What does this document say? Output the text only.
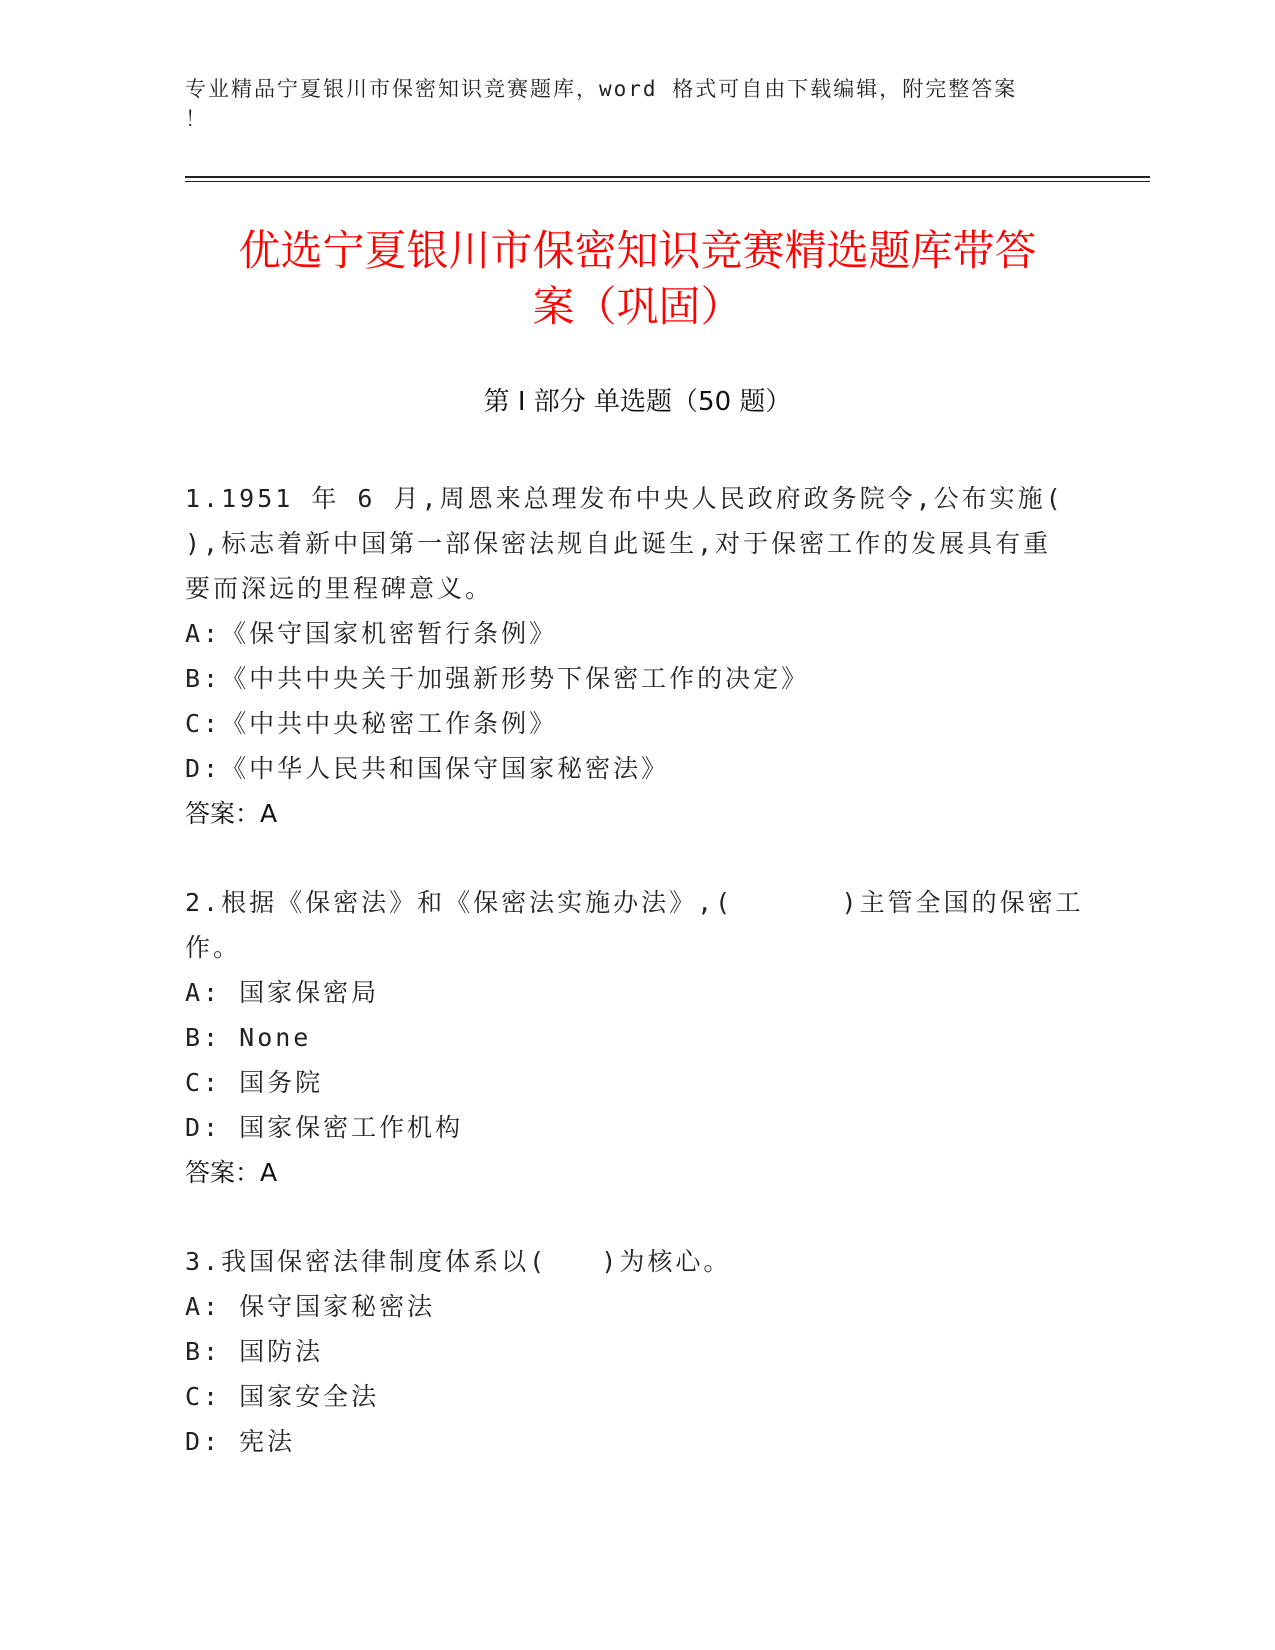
专业精品宁夏银川市保密知识竞赛题库，word 格式可自由下载编辑，附完整答案
！
优选宁夏银川市保密知识竞赛精选题库带答
案（巩固）
第 I 部分 单选题（50 题）
1.1951 年 6 月,周恩来总理发布中央人民政府政务院令,公布实施(
),标志着新中国第一部保密法规自此诞生,对于保密工作的发展具有重
要而深远的里程碑意义。
A:《保守国家机密暂行条例》
B:《中共中央关于加强新形势下保密工作的决定》
C:《中共中央秘密工作条例》
D:《中华人民共和国保守国家秘密法》
答案：A
2.根据《保密法》和《保密法实施办法》,(      )主管全国的保密工
作。
A: 国家保密局
B: None
C: 国务院
D: 国家保密工作机构
答案：A
3.我国保密法律制度体系以(   )为核心。
A: 保守国家秘密法
B: 国防法
C: 国家安全法
D: 宪法
